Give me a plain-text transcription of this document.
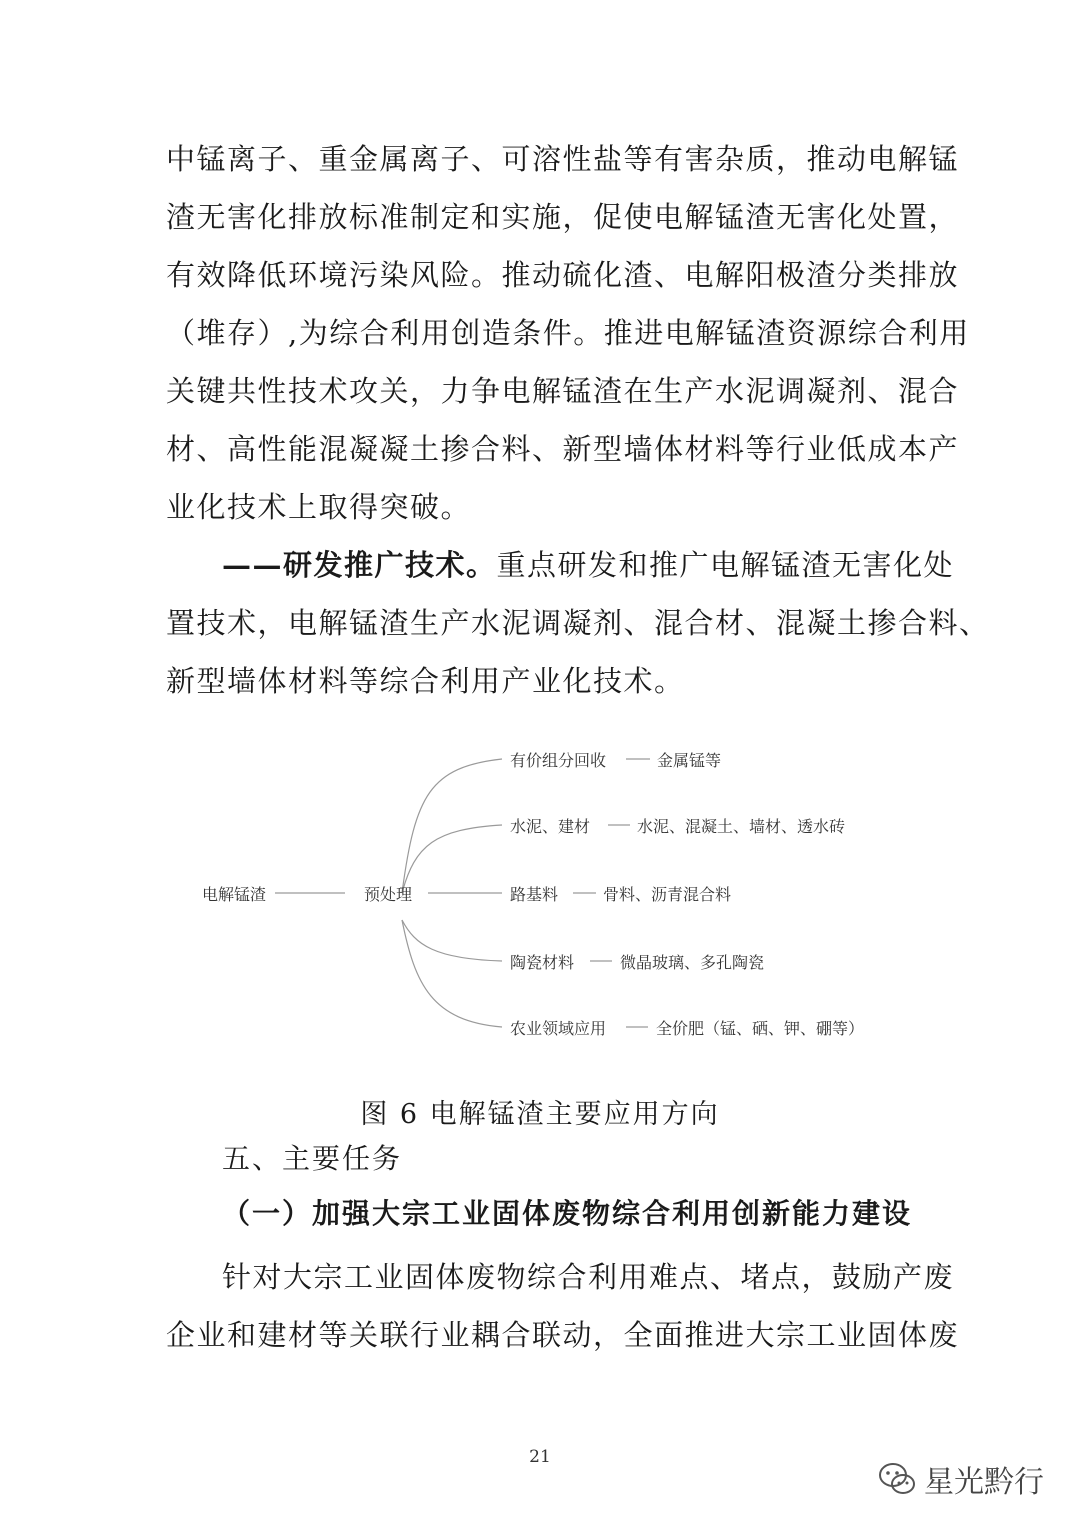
中锰离子、重金属离子、可溶性盐等有害杂质，推动电解锰
渣无害化排放标准制定和实施，促使电解锰渣无害化处置，
有效降低环境污染风险。推动硫化渣、电解阳极渣分类排放
（堆存）,为综合利用创造条件。推进电解锰渣资源综合利用
关键共性技术攻关，力争电解锰渣在生产水泥调凝剂、混合
材、高性能混凝凝土掺合料、新型墙体材料等行业低成本产
业化技术上取得突破。
——研发推广技术。重点研发和推广电解锰渣无害化处
置技术，电解锰渣生产水泥调凝剂、混合材、混凝土掺合料、
新型墙体材料等综合利用产业化技术。
电解锰渣	预处理
有价组分回收	金属锰等
水泥、建材	水泥、混凝土、墙材、透水砖
路基料	骨料、沥青混合料
陶瓷材料	微晶玻璃、多孔陶瓷
农业领域应用	全价肥（锰、硒、钾、硼等）
图 6 电解锰渣主要应用方向
五、主要任务
（一）加强大宗工业固体废物综合利用创新能力建设
针对大宗工业固体废物综合利用难点、堵点，鼓励产废
企业和建材等关联行业耦合联动，全面推进大宗工业固体废
21
星光黔行
